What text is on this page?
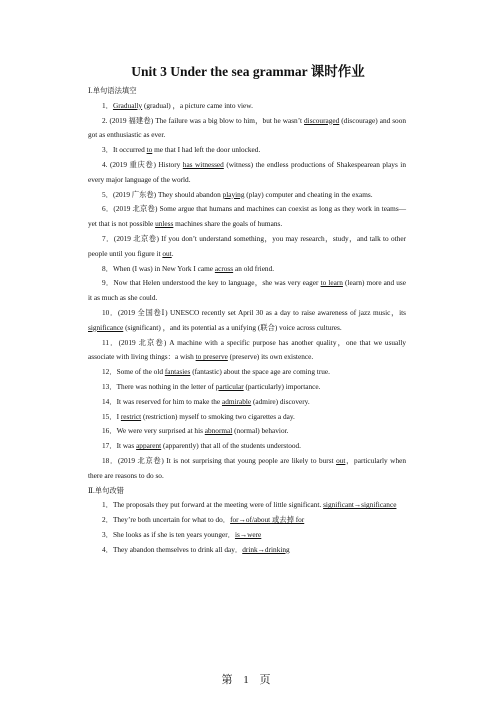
Unit 3 Under the sea grammar 课时作业
Ⅰ.单句语法填空
1．Gradually (gradual) ，a picture came into view.
2. (2019 福建卷) The failure was a big blow to him，but he wasn’t discouraged (discourage) and soon got as enthusiastic as ever.
3．It occurred to me that I had left the door unlocked.
4. (2019 重庆卷) History has witnessed (witness) the endless productions of Shakespearean plays in every major language of the world.
5．(2019 广东卷) They should abandon playing (play) computer and cheating in the exams.
6．(2019 北京卷) Some argue that humans and machines can coexist as long as they work in teams—yet that is not possible unless machines share the goals of humans.
7．(2019 北京卷) If you don’t understand something，you may research，study，and talk to other people until you figure it out.
8．When (I was) in New York I came across an old friend.
9．Now that Helen understood the key to language，she was very eager to learn (learn) more and use it as much as she could.
10．(2019 全国卷Ⅰ) UNESCO recently set April 30 as a day to raise awareness of jazz music，its significance (significant) ，and its potential as a unifying (联合) voice across cultures.
11．(2019 北京卷) A machine with a specific purpose has another quality，one that we usually associate with living things：a wish to preserve (preserve) its own existence.
12．Some of the old fantasies (fantastic) about the space age are coming true.
13．There was nothing in the letter of particular (particularly) importance.
14．It was reserved for him to make the admirable (admire) discovery.
15．I restrict (restriction) myself to smoking two cigarettes a day.
16．We were very surprised at his abnormal (normal) behavior.
17．It was apparent (apparently) that all of the students understood.
18．(2019 北京卷) It is not surprising that young people are likely to burst out，particularly when there are reasons to do so.
Ⅱ.单句改错
1．The proposals they put forward at the meeting were of little significant. significant→significance
2．They’re both uncertain for what to do．for→of/about 或去掉 for
3．She looks as if she is ten years younger．is→were
4．They abandon themselves to drink all day．drink→drinking
第 1 页
